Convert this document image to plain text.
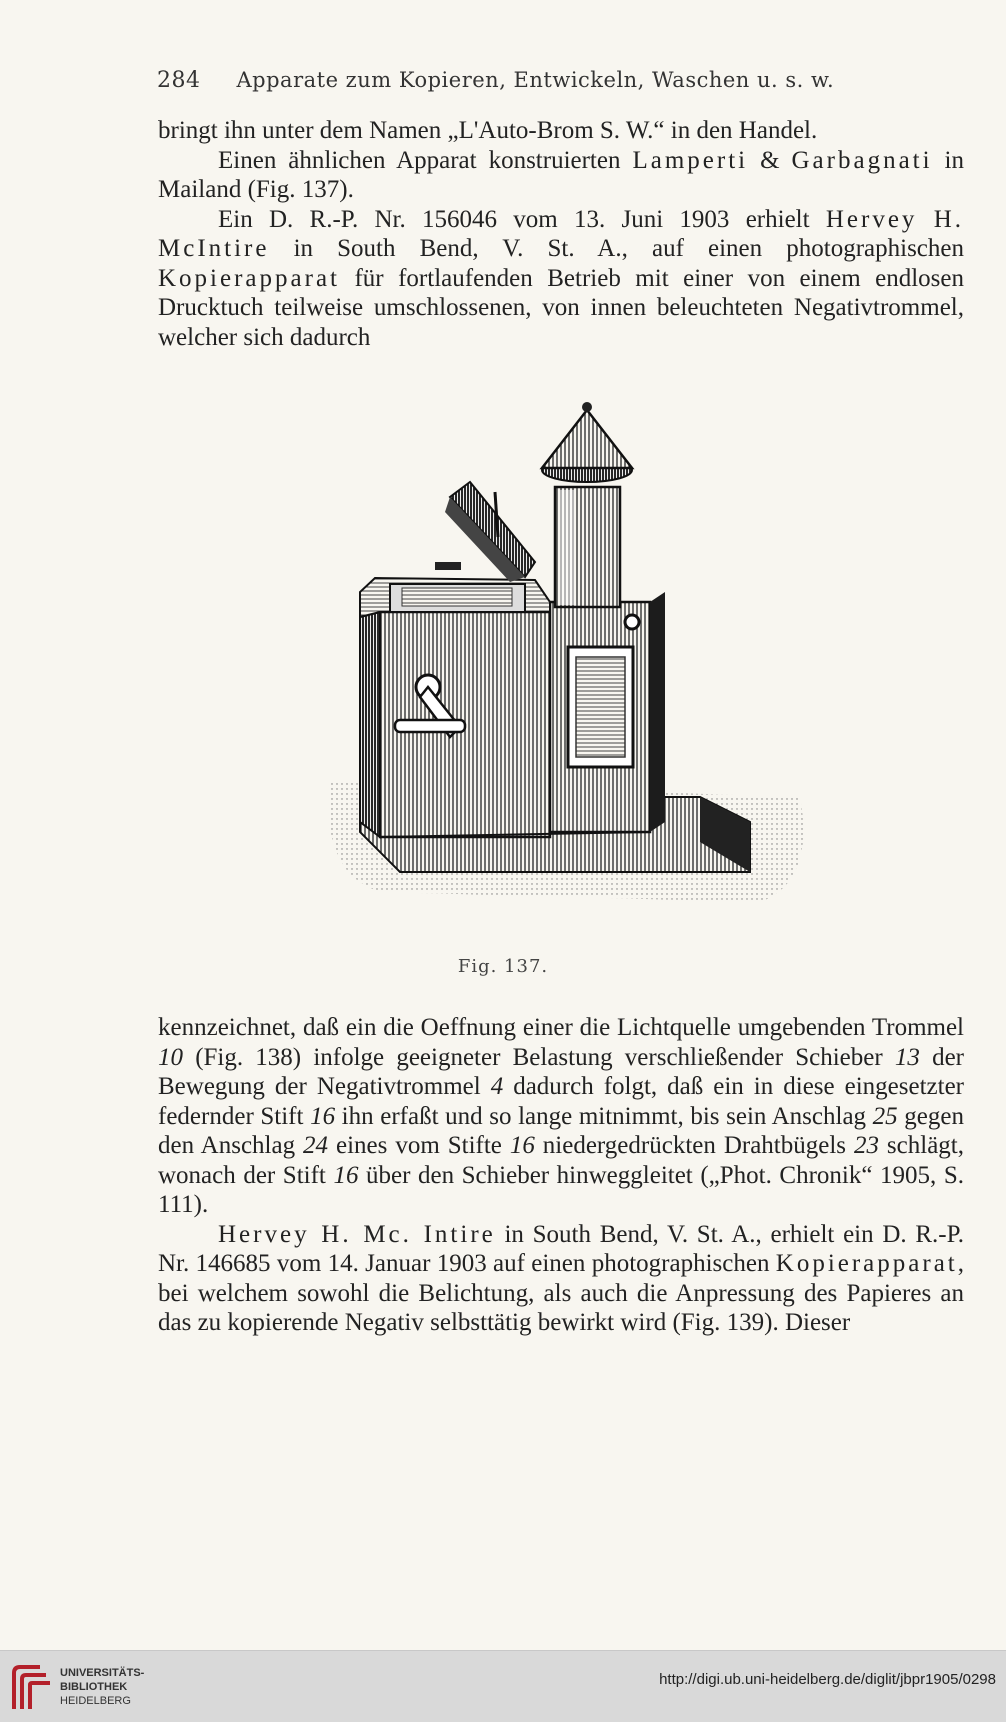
284 Apparate zum Kopieren, Entwickeln, Waschen u. s. w.

bringt ihn unter dem Namen „L'Auto-Brom S. W.“ in den Handel.

Einen ähnlichen Apparat konstruierten Lamperti & Garbagnati in Mailand (Fig. 137).

Ein D. R.-P. Nr. 156046 vom 13. Juni 1903 erhielt Hervey H. McIntire in South Bend, V. St. A., auf einen photographischen Kopierapparat für fortlaufenden Betrieb mit einer von einem endlosen Drucktuch teilweise umschlossenen, von innen beleuchteten Negativtrommel, welcher sich dadurch

Fig. 137.

kennzeichnet, daß ein die Oeffnung einer die Lichtquelle umgebenden Trommel 10 (Fig. 138) infolge geeigneter Belastung verschließender Schieber 13 der Bewegung der Negativtrommel 4 dadurch folgt, daß ein in diese eingesetzter federnder Stift 16 ihn erfaßt und so lange mitnimmt, bis sein Anschlag 25 gegen den Anschlag 24 eines vom Stifte 16 niedergedrückten Drahtbügels 23 schlägt, wonach der Stift 16 über den Schieber hinweggleitet („Phot. Chronik“ 1905, S. 111).

Hervey H. Mc. Intire in South Bend, V. St. A., erhielt ein D. R.-P. Nr. 146685 vom 14. Januar 1903 auf einen photographischen Kopierapparat, bei welchem sowohl die Belichtung, als auch die Anpressung des Papieres an das zu kopierende Negativ selbsttätig bewirkt wird (Fig. 139). Dieser

UNIVERSITÄTS-
BIBLIOTHEK
HEIDELBERG
http://digi.ub.uni-heidelberg.de/diglit/jbpr1905/0298
